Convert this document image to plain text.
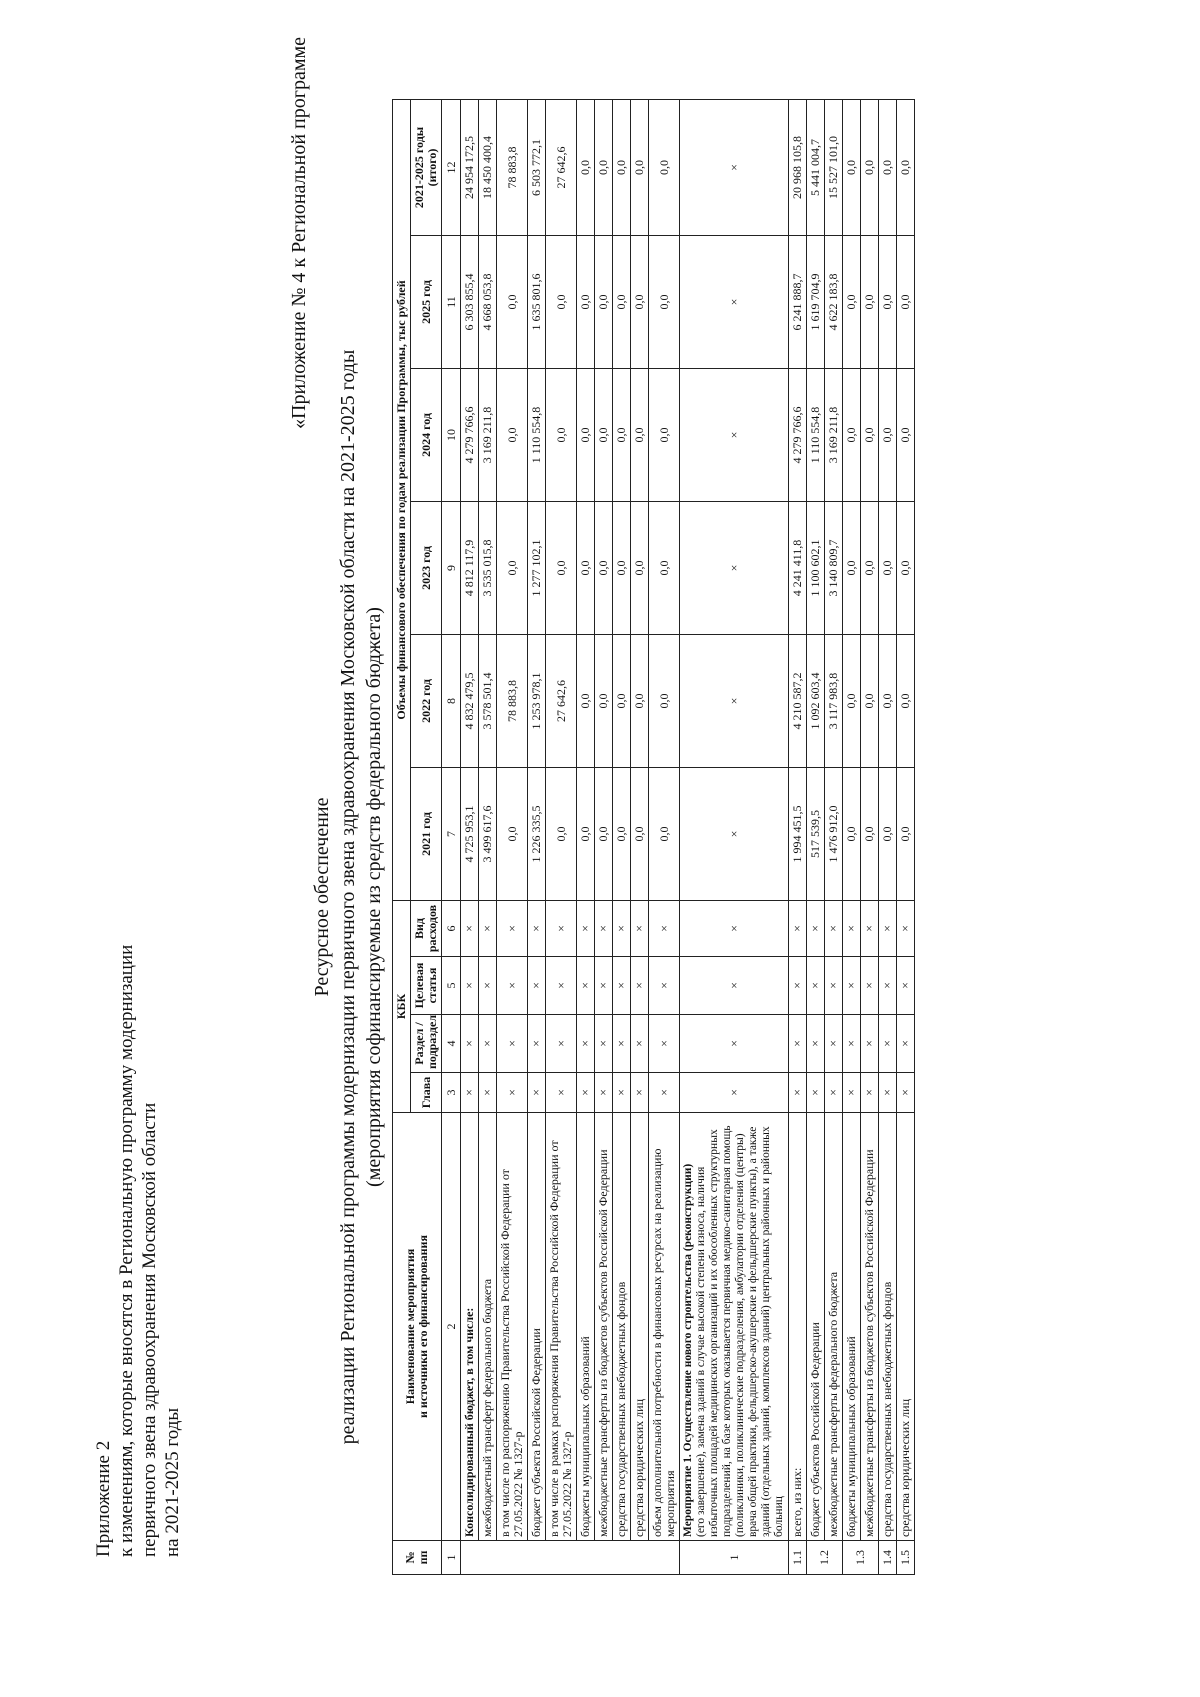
Приложение 2 к изменениям, которые вносятся в Региональную программу модернизации первичного звена здравоохранения Московской области на 2021-2025 годы
«Приложение № 4 к Региональной программе
Ресурсное обеспечение реализации Региональной программы модернизации первичного звена здравоохранения Московской области на 2021-2025 годы (мероприятия софинансируемые из средств федерального бюджета)
№ пп	Наименование мероприятия
и источники его финансирования	КБК				Объемы финансового обеспечения по годам реализации Программы, тыс рублей					
		Глава	Раздел / подраздел	Целевая статья	Вид расходов	2021 год	2022 год	2023 год	2024 год	2025 год	2021-2025 годы
(итого)

1	2	3	4	5	6	7	8	9	10	11	12
	Консолидированный бюджет, в том числе:	×	×	×	×	4 725 953,1	4 832 479,5	4 812 117,9	4 279 766,6	6 303 855,4	24 954 172,5
	межбюджетный трансферт федерального бюджета	×	×	×	×	3 499 617,6	3 578 501,4	3 535 015,8	3 169 211,8	4 668 053,8	18 450 400,4
	в том числе по распоряжению Правительства Российской Федерации от 27.05.2022 № 1327-р	×	×	×	×	0,0	78 883,8	0,0	0,0	0,0	78 883,8
	бюджет субъекта Российской Федерации	×	×	×	×	1 226 335,5	1 253 978,1	1 277 102,1	1 110 554,8	1 635 801,6	6 503 772,1
	в том числе в рамках распоряжения Правительства Российской Федерации от 27.05.2022 № 1327-р	×	×	×	×	0,0	27 642,6	0,0	0,0	0,0	27 642,6
	бюджеты муниципальных образований	×	×	×	×	0,0	0,0	0,0	0,0	0,0	0,0
	межбюджетные трансферты из бюджетов субъектов Российской Федерации	×	×	×	×	0,0	0,0	0,0	0,0	0,0	0,0
	средства государственных внебюджетных фондов	×	×	×	×	0,0	0,0	0,0	0,0	0,0	0,0
	средства юридических лиц	×	×	×	×	0,0	0,0	0,0	0,0	0,0	0,0
	объем дополнительной потребности в финансовых ресурсах на реализацию мероприятия	×	×	×	×	0,0	0,0	0,0	0,0	0,0	0,0
1	Мероприятие 1. Осуществление нового строительства (реконструкции)
(его завершение), замена зданий в случае высокой степени износа, наличия избыточных площадей медицинских организаций и их обособленных структурных подразделений, на базе которых оказывается первичная медико-санитарная помощь (поликлиники, поликлинические подразделения, амбулатории отделения (центры) врача общей практики, фельдшерско-акушерские и фельдшерские пункты), а также зданий (отдельных зданий, комплексов зданий) центральных районных и районных больниц	×	×	×	×	×	×	×	×	×	×
1.1	всего, из них:	×	×	×	×	1 994 451,5	4 210 587,2	4 241 411,8	4 279 766,6	6 241 888,7	20 968 105,8
1.2	бюджет субъектов Российской Федерации	×	×	×	×	517 539,5	1 092 603,4	1 100 602,1	1 110 554,8	1 619 704,9	5 441 004,7
	межбюджетные трансферты федерального бюджета	×	×	×	×	1 476 912,0	3 117 983,8	3 140 809,7	3 169 211,8	4 622 183,8	15 527 101,0
1.3	бюджеты муниципальных образований	×	×	×	×	0,0	0,0	0,0	0,0	0,0	0,0
	межбюджетные трансферты из бюджетов субъектов Российской Федерации	×	×	×	×	0,0	0,0	0,0	0,0	0,0	0,0
1.4	средства государственных внебюджетных фондов	×	×	×	×	0,0	0,0	0,0	0,0	0,0	0,0
1.5	средства юридических лиц	×	×	×	×	0,0	0,0	0,0	0,0	0,0	0,0
